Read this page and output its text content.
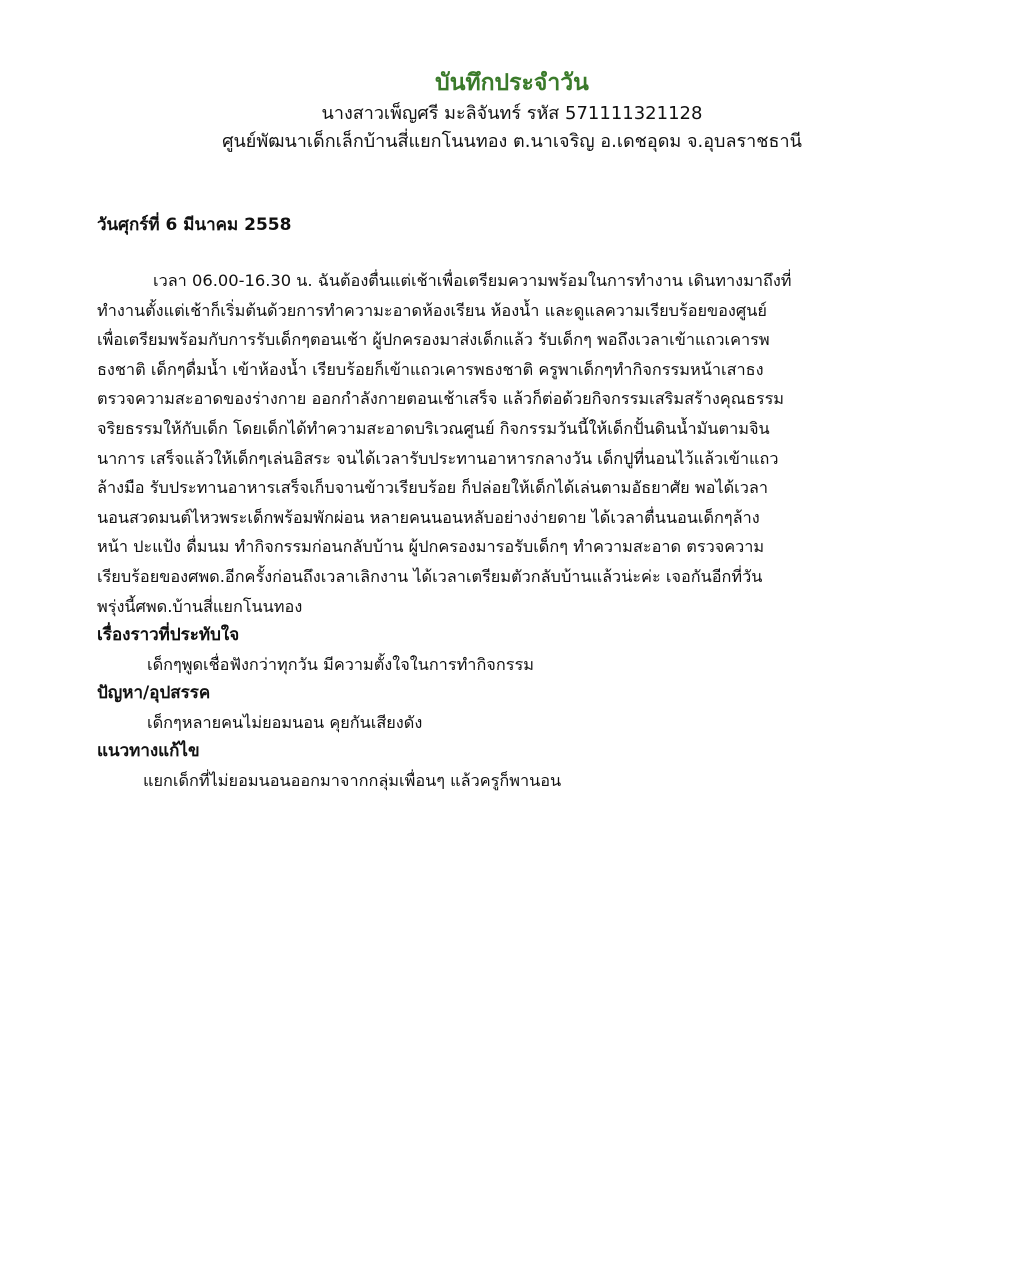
บันทึกประจำวัน

นางสาวเพ็ญศรี มะลิจันทร์ รหัส 571111321128

ศูนย์พัฒนาเด็กเล็กบ้านสี่แยกโนนทอง ต.นาเจริญ อ.เดชอุดม จ.อุบลราชธานี

วันศุกร์ที่ 6 มีนาคม 2558

เวลา 06.00-16.30 น. ฉันต้องตื่นแต่เช้าเพื่อเตรียมความพร้อมในการทำงาน เดินทางมาถึงที่
ทำงานตั้งแต่เช้าก็เริ่มต้นด้วยการทำความะอาดห้องเรียน ห้องน้ำ และดูแลความเรียบร้อยของศูนย์
เพื่อเตรียมพร้อมกับการรับเด็กๆตอนเช้า ผู้ปกครองมาส่งเด็กแล้ว รับเด็กๆ พอถึงเวลาเข้าแถวเคารพ
ธงชาติ เด็กๆดื่มน้ำ เข้าห้องน้ำ เรียบร้อยก็เข้าแถวเคารพธงชาติ ครูพาเด็กๆทำกิจกรรมหน้าเสาธง
ตรวจความสะอาดของร่างกาย ออกกำลังกายตอนเช้าเสร็จ แล้วก็ต่อด้วยกิจกรรมเสริมสร้างคุณธรรม
จริยธรรมให้กับเด็ก โดยเด็กได้ทำความสะอาดบริเวณศูนย์ กิจกรรมวันนี้ให้เด็กปั้นดินน้ำมันตามจิน
นาการ เสร็จแล้วให้เด็กๆเล่นอิสระ จนได้เวลารับประทานอาหารกลางวัน เด็กปูที่นอนไว้แล้วเข้าแถว
ล้างมือ รับประทานอาหารเสร็จเก็บจานข้าวเรียบร้อย ก็ปล่อยให้เด็กได้เล่นตามอัธยาศัย พอได้เวลา
นอนสวดมนต์ไหวพระเด็กพร้อมพักผ่อน หลายคนนอนหลับอย่างง่ายดาย ได้เวลาตื่นนอนเด็กๆล้าง
หน้า ปะแป้ง ดื่มนม ทำกิจกรรมก่อนกลับบ้าน ผู้ปกครองมารอรับเด็กๆ ทำความสะอาด ตรวจความ
เรียบร้อยของศพด.อีกครั้งก่อนถึงเวลาเลิกงาน ได้เวลาเตรียมตัวกลับบ้านแล้วน่ะค่ะ เจอกันอีกที่วัน
พรุ่งนี้ศพด.บ้านสี่แยกโนนทอง

เรื่องราวที่ประทับใจ

เด็กๆพูดเชื่อฟังกว่าทุกวัน มีความตั้งใจในการทำกิจกรรม

ปัญหา/อุปสรรค

เด็กๆหลายคนไม่ยอมนอน คุยกันเสียงดัง

แนวทางแก้ไข

แยกเด็กที่ไม่ยอมนอนออกมาจากกลุ่มเพื่อนๆ แล้วครูก็พานอน
